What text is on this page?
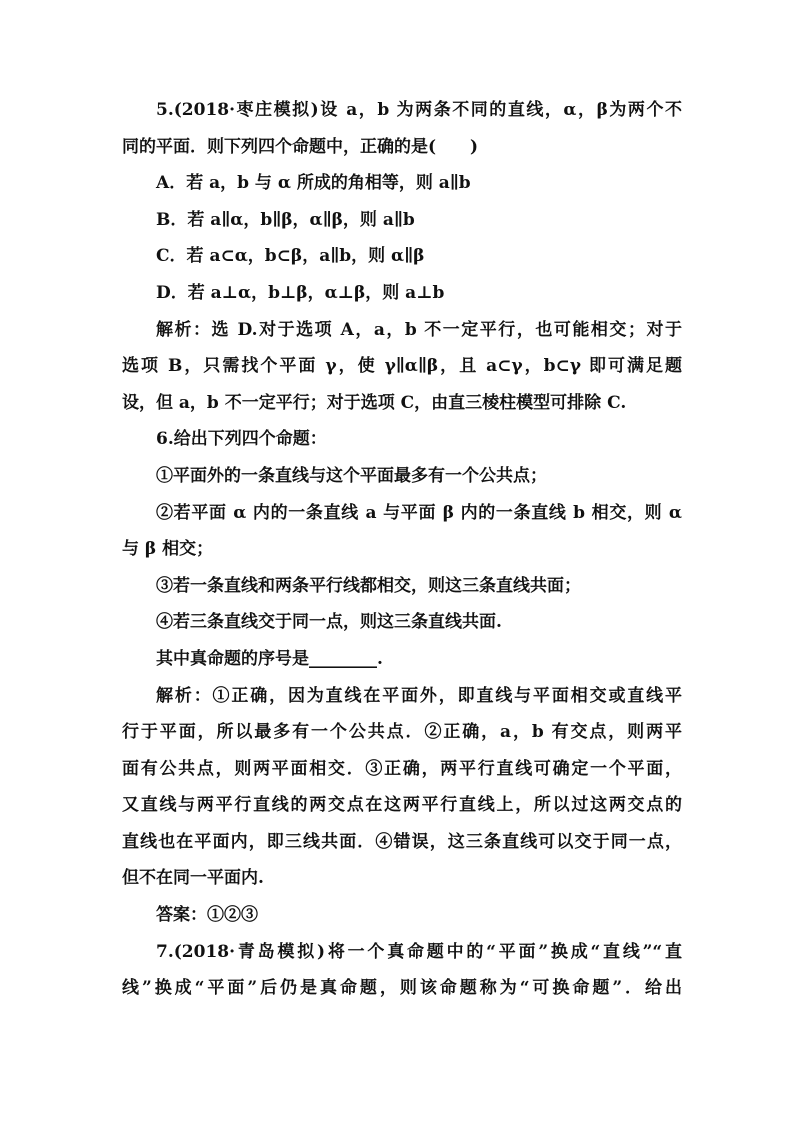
5.(2018·枣庄模拟)设 a，b 为两条不同的直线，α，β为两个不
同的平面．则下列四个命题中，正确的是(　　)
A．若 a，b 与 α 所成的角相等，则 a∥b
B．若 a∥α，b∥β，α∥β，则 a∥b
C．若 a⊂α，b⊂β，a∥b，则 α∥β
D．若 a⊥α，b⊥β，α⊥β，则 a⊥b
解析：选 D.对于选项 A，a，b 不一定平行，也可能相交；对于
选项 B，只需找个平面 γ，使 γ∥α∥β，且 a⊂γ，b⊂γ 即可满足题
设，但 a，b 不一定平行；对于选项 C，由直三棱柱模型可排除 C.
6.给出下列四个命题：
①平面外的一条直线与这个平面最多有一个公共点；
②若平面 α 内的一条直线 a 与平面 β 内的一条直线 b 相交，则 α
与 β 相交；
③若一条直线和两条平行线都相交，则这三条直线共面；
④若三条直线交于同一点，则这三条直线共面.
其中真命题的序号是________.
解析：①正确，因为直线在平面外，即直线与平面相交或直线平
行于平面，所以最多有一个公共点．②正确，a，b 有交点，则两平
面有公共点，则两平面相交．③正确，两平行直线可确定一个平面，
又直线与两平行直线的两交点在这两平行直线上，所以过这两交点的
直线也在平面内，即三线共面．④错误，这三条直线可以交于同一点，
但不在同一平面内.
答案：①②③
7.(2018·青岛模拟)将一个真命题中的“平面”换成“直线”“直
线”换成“平面”后仍是真命题，则该命题称为“可换命题”．给出
